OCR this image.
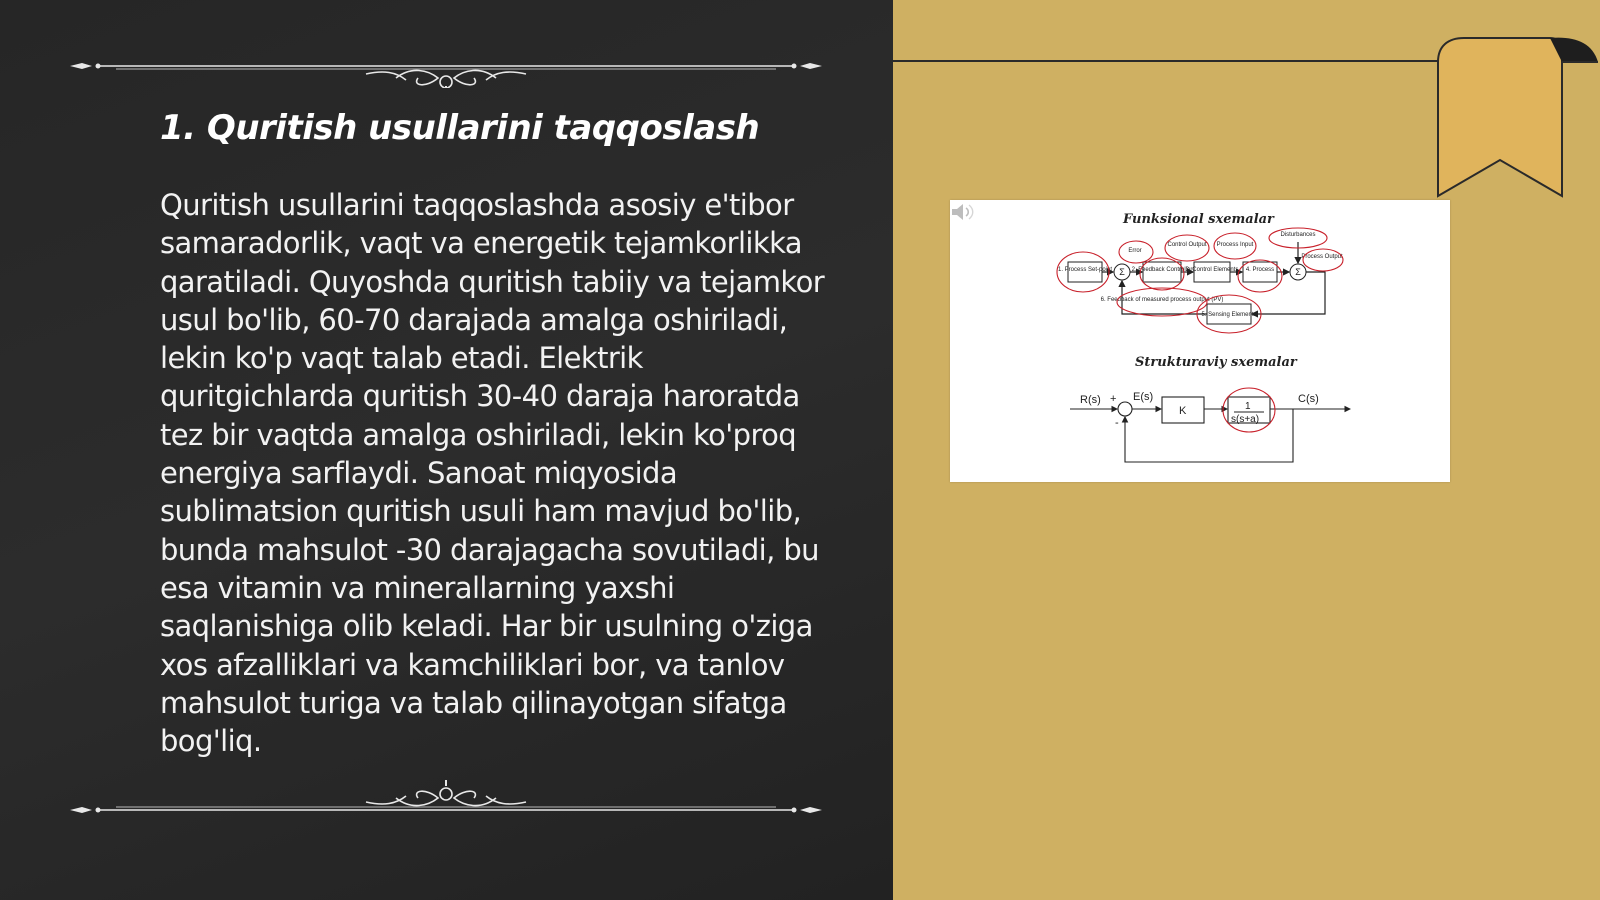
1. Quritish usullarini taqqoslash

Quritish usullarini taqqoslashda asosiy e'tibor samaradorlik, vaqt va energetik tejamkorlikka qaratiladi. Quyoshda quritish tabiiy va tejamkor usul bo'lib, 60-70 darajada amalga oshiriladi, lekin ko'p vaqt talab etadi. Elektrik quritgichlarda quritish 30-40 daraja haroratda tez bir vaqtda amalga oshiriladi, lekin ko'proq energiya sarflaydi. Sanoat miqyosida sublimatsion quritish usuli ham mavjud bo'lib, bunda mahsulot -30 darajagacha sovutiladi, bu esa vitamin va minerallarning yaxshi saqlanishiga olib keladi. Har bir usulning o'ziga xos afzalliklari va kamchiliklari bor, va tanlov mahsulot turiga va talab qilinayotgan sifatga bog'liq.

Funksional sxemalar
Strukturaviy sxemalar
1. Process Set-point	2. Feedback Controller
3. Control Elements 4. Process
5. Sensing Elements
6. Feedback of measured process output (PV)
Σ	Σ
Error
Control Output Process Input
Disturbances
Process Output
R(s) +
-
E(s)
K	1
s(s+a)
C(s)
